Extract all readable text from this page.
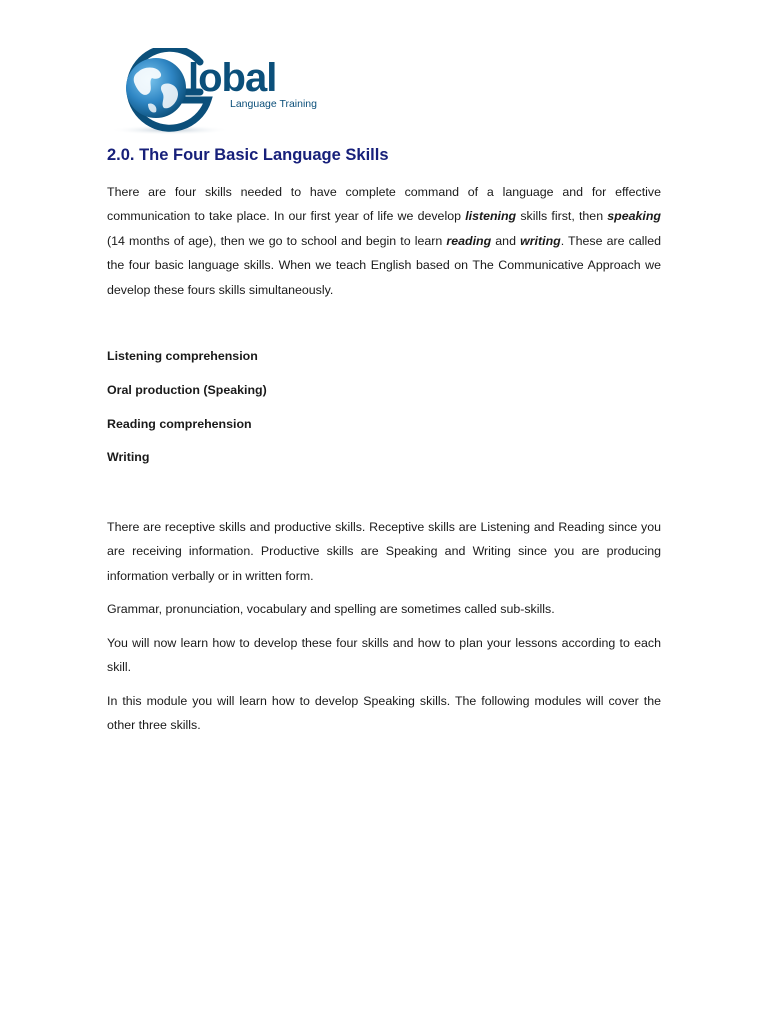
lobal
Language Training
2.0. The Four Basic Language Skills

There are four skills needed to have complete command of a language and for effective communication to take place. In our first year of life we develop listening skills first, then speaking (14 months of age), then we go to school and begin to learn reading and writing. These are called the four basic language skills. When we teach English based on The Communicative Approach we develop these fours skills simultaneously.

Listening comprehension

Oral production (Speaking)

Reading comprehension

Writing

There are receptive skills and productive skills. Receptive skills are Listening and Reading since you are receiving information. Productive skills are Speaking and Writing since you are producing information verbally or in written form.

Grammar, pronunciation, vocabulary and spelling are sometimes called sub-skills.

You will now learn how to develop these four skills and how to plan your lessons according to each skill.

In this module you will learn how to develop Speaking skills. The following modules will cover the other three skills.
